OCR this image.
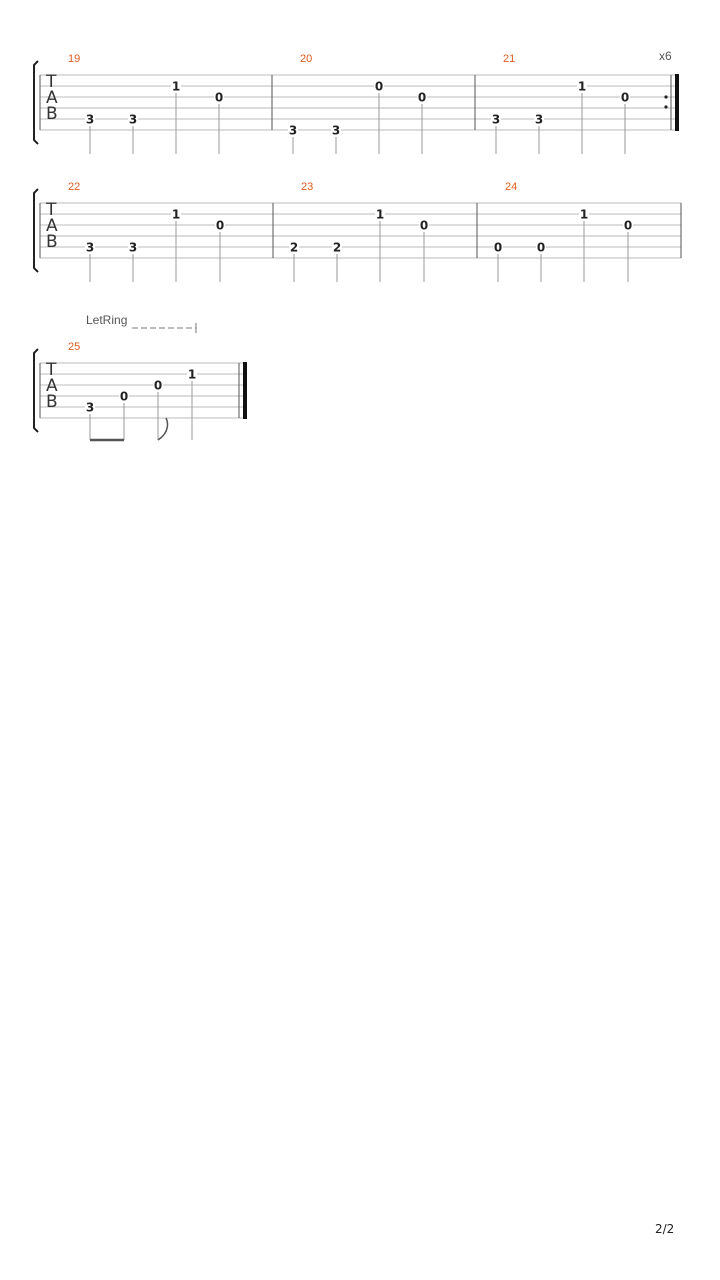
T
A
B
x6
19
3	3
1
0
20
3	3
0
0
21
3	3
1
0
T
A
B
22
3	3
1
0
23
2	2
1
0
24
0	0
1
0
T
A
B
25
3
0
0
1
LetRing
2/2
